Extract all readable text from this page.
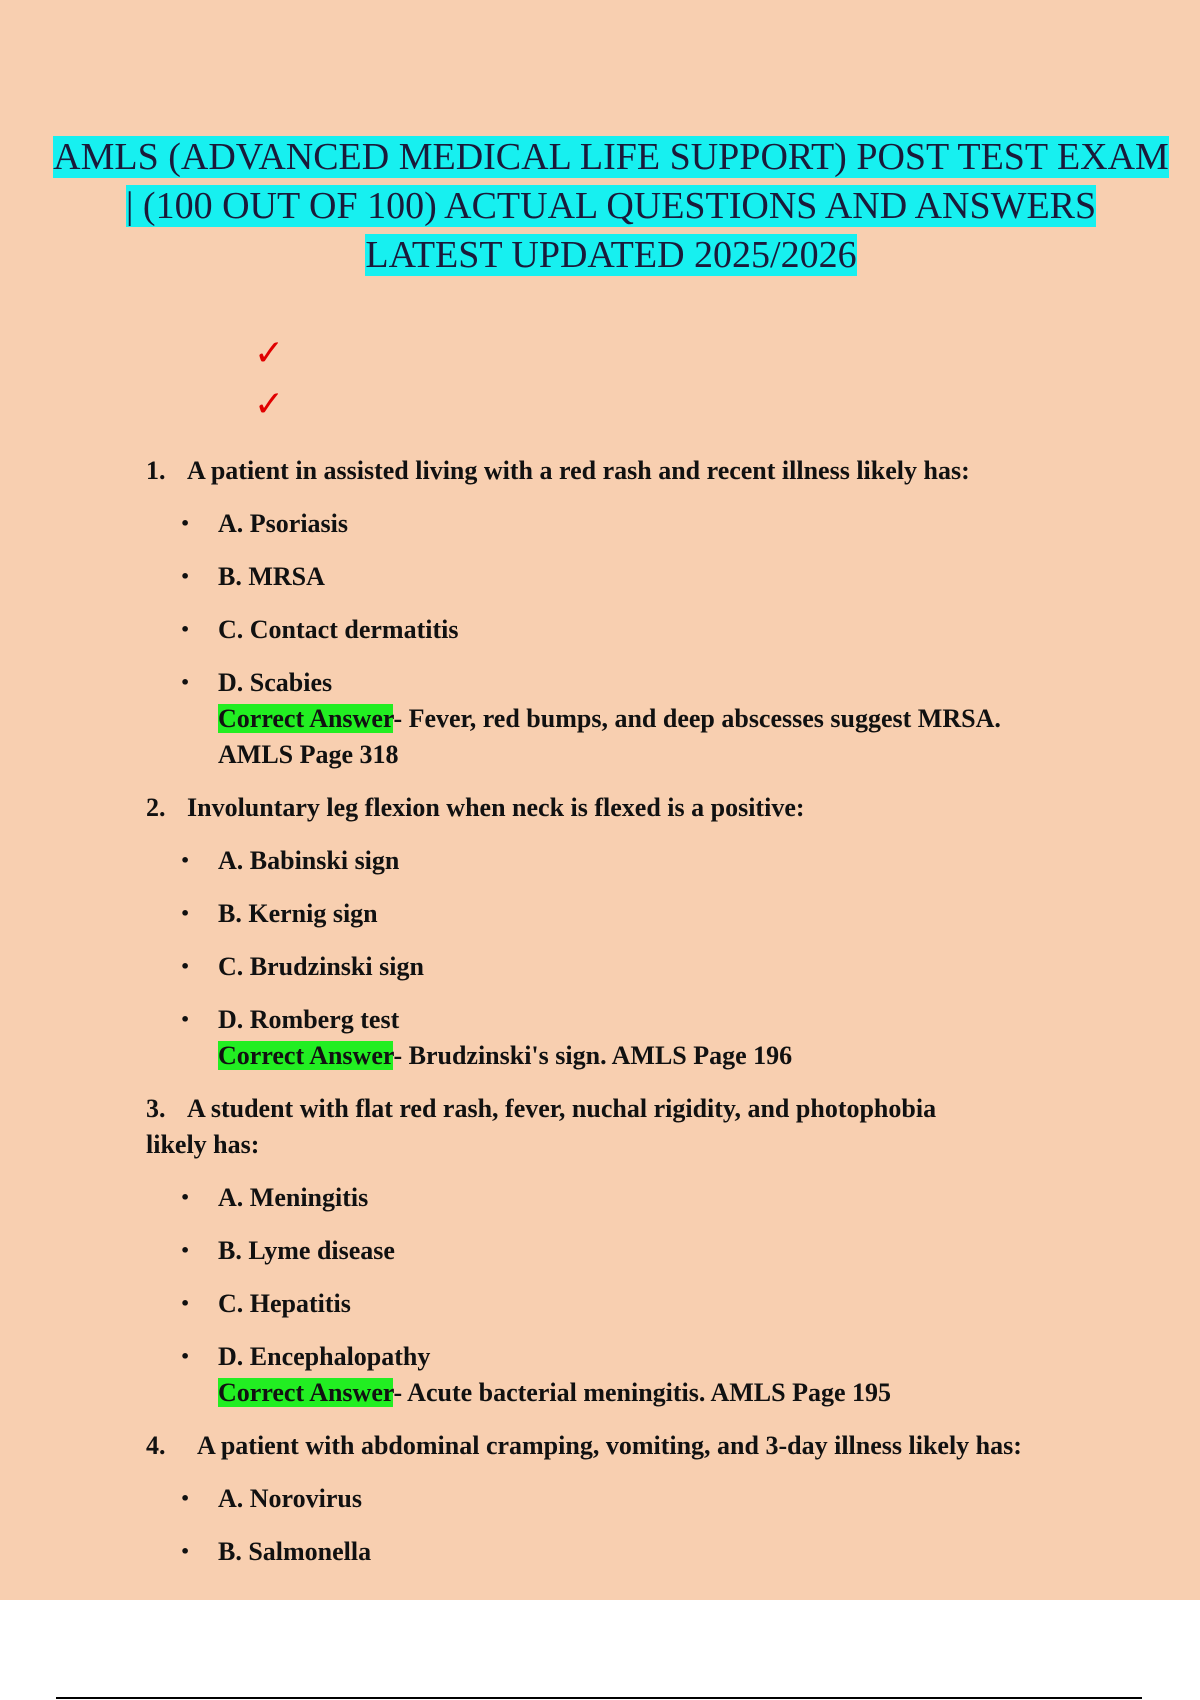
AMLS (ADVANCED MEDICAL LIFE SUPPORT) POST TEST EXAM
| (100 OUT OF 100) ACTUAL QUESTIONS AND ANSWERS
LATEST UPDATED 2025/2026
✓
✓
1. A patient in assisted living with a red rash and recent illness likely has:
• A. Psoriasis
• B. MRSA
• C. Contact dermatitis
• D. Scabies
Correct Answer- Fever, red bumps, and deep abscesses suggest MRSA.
AMLS Page 318
2. Involuntary leg flexion when neck is flexed is a positive:
• A. Babinski sign
• B. Kernig sign
• C. Brudzinski sign
• D. Romberg test
Correct Answer- Brudzinski's sign. AMLS Page 196
3. A student with flat red rash, fever, nuchal rigidity, and photophobia
likely has:
• A. Meningitis
• B. Lyme disease
• C. Hepatitis
• D. Encephalopathy
Correct Answer- Acute bacterial meningitis. AMLS Page 195
4.	A patient with abdominal cramping, vomiting, and 3-day illness likely has:
• A. Norovirus
• B. Salmonella
